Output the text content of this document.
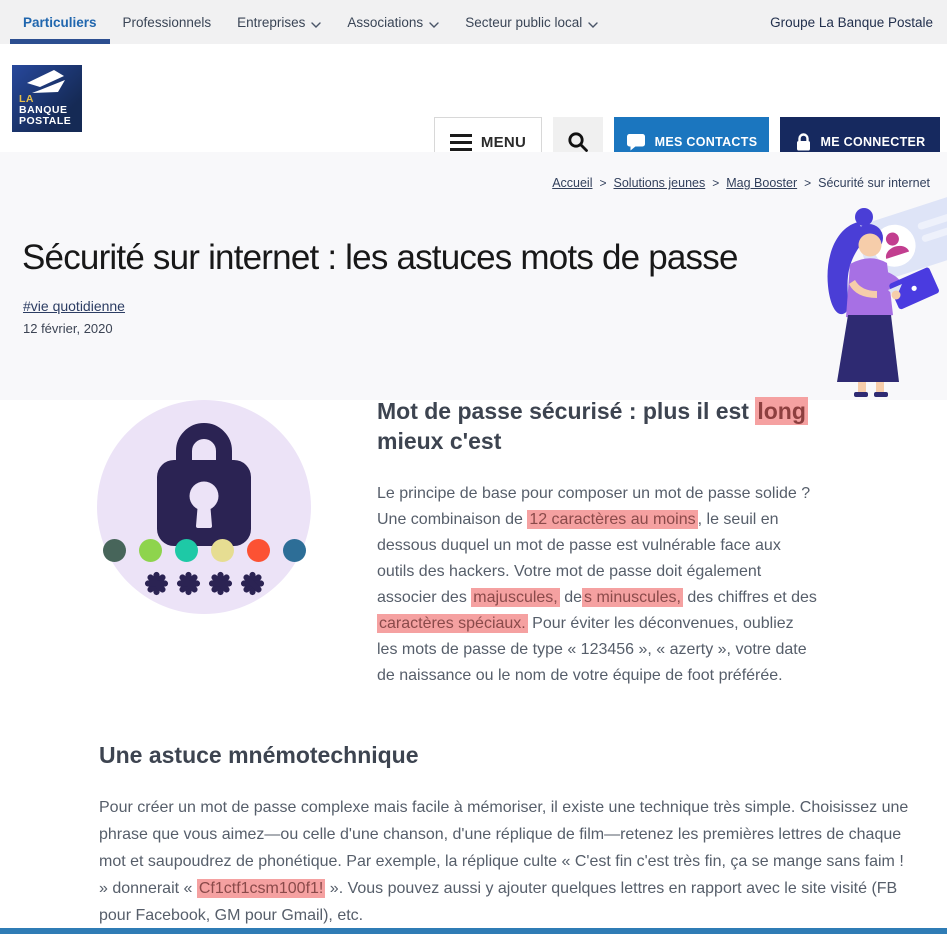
Particuliers Professionnels Entreprises	Associations	Secteur public local	Groupe La Banque Postale
LA
BANQUE
POSTALE
MENU	MES CONTACTS	ME CONNECTER
Accueil > Solutions jeunes > Mag Booster > Sécurité sur internet
Sécurité sur internet : les astuces mots de passe
#vie quotidienne
12 février, 2020
Mot de passe sécurisé : plus il est long
mieux c'est

Le principe de base pour composer un mot de passe solide ? Une combinaison de 12 caractères au moins , le seuil en dessous duquel un mot de passe est vulnérable face aux outils des hackers. Votre mot de passe doit également associer des majuscules, de s minuscules, des chiffres et des caractères spéciaux. Pour éviter les déconvenues, oubliez les mots de passe de type « 123456 », « azerty », votre date de naissance ou le nom de votre équipe de foot préférée.

Une astuce mnémotechnique

Pour créer un mot de passe complexe mais facile à mémoriser, il existe une technique très simple. Choisissez une phrase que vous aimez—ou celle d'une chanson, d'une réplique de film—retenez les premières lettres de chaque mot et saupoudrez de phonétique. Par exemple, la réplique culte « C'est fin c'est très fin, ça se mange sans faim ! » donnerait « Cf1ctf1csm100f1! ». Vous pouvez aussi y ajouter quelques lettres en rapport avec le site visité (FB pour Facebook, GM pour Gmail), etc.
